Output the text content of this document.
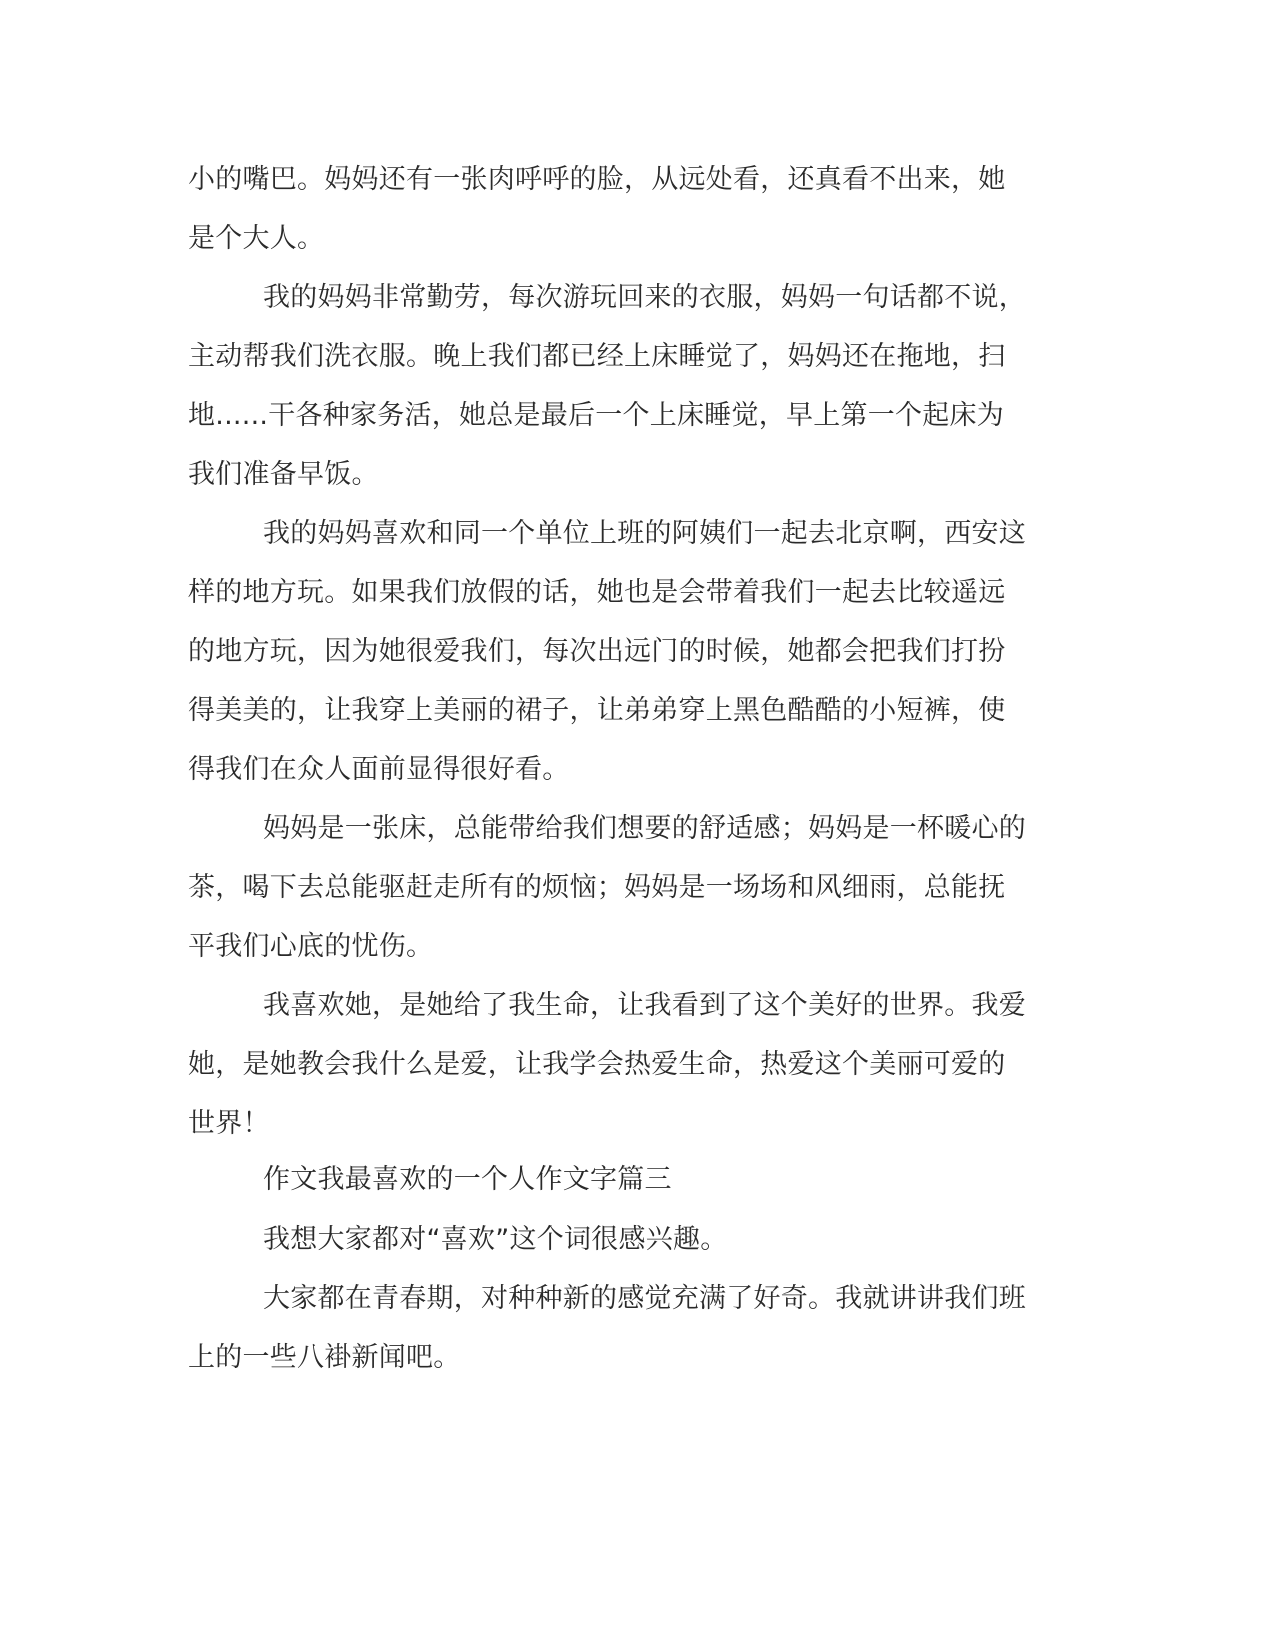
小的嘴巴。妈妈还有一张肉呼呼的脸，从远处看，还真看不出来，她

是个大人。

我的妈妈非常勤劳，每次游玩回来的衣服，妈妈一句话都不说，

主动帮我们洗衣服。晚上我们都已经上床睡觉了，妈妈还在拖地，扫

地......干各种家务活，她总是最后一个上床睡觉，早上第一个起床为

我们准备早饭。

我的妈妈喜欢和同一个单位上班的阿姨们一起去北京啊，西安这

样的地方玩。如果我们放假的话，她也是会带着我们一起去比较遥远

的地方玩，因为她很爱我们，每次出远门的时候，她都会把我们打扮

得美美的，让我穿上美丽的裙子，让弟弟穿上黑色酷酷的小短裤，使

得我们在众人面前显得很好看。

妈妈是一张床，总能带给我们想要的舒适感；妈妈是一杯暖心的

茶，喝下去总能驱赶走所有的烦恼；妈妈是一场场和风细雨，总能抚

平我们心底的忧伤。

我喜欢她，是她给了我生命，让我看到了这个美好的世界。我爱

她，是她教会我什么是爱，让我学会热爱生命，热爱这个美丽可爱的

世界！

作文我最喜欢的一个人作文字篇三

我想大家都对“喜欢”这个词很感兴趣。

大家都在青春期，对种种新的感觉充满了好奇。我就讲讲我们班

上的一些八褂新闻吧。
